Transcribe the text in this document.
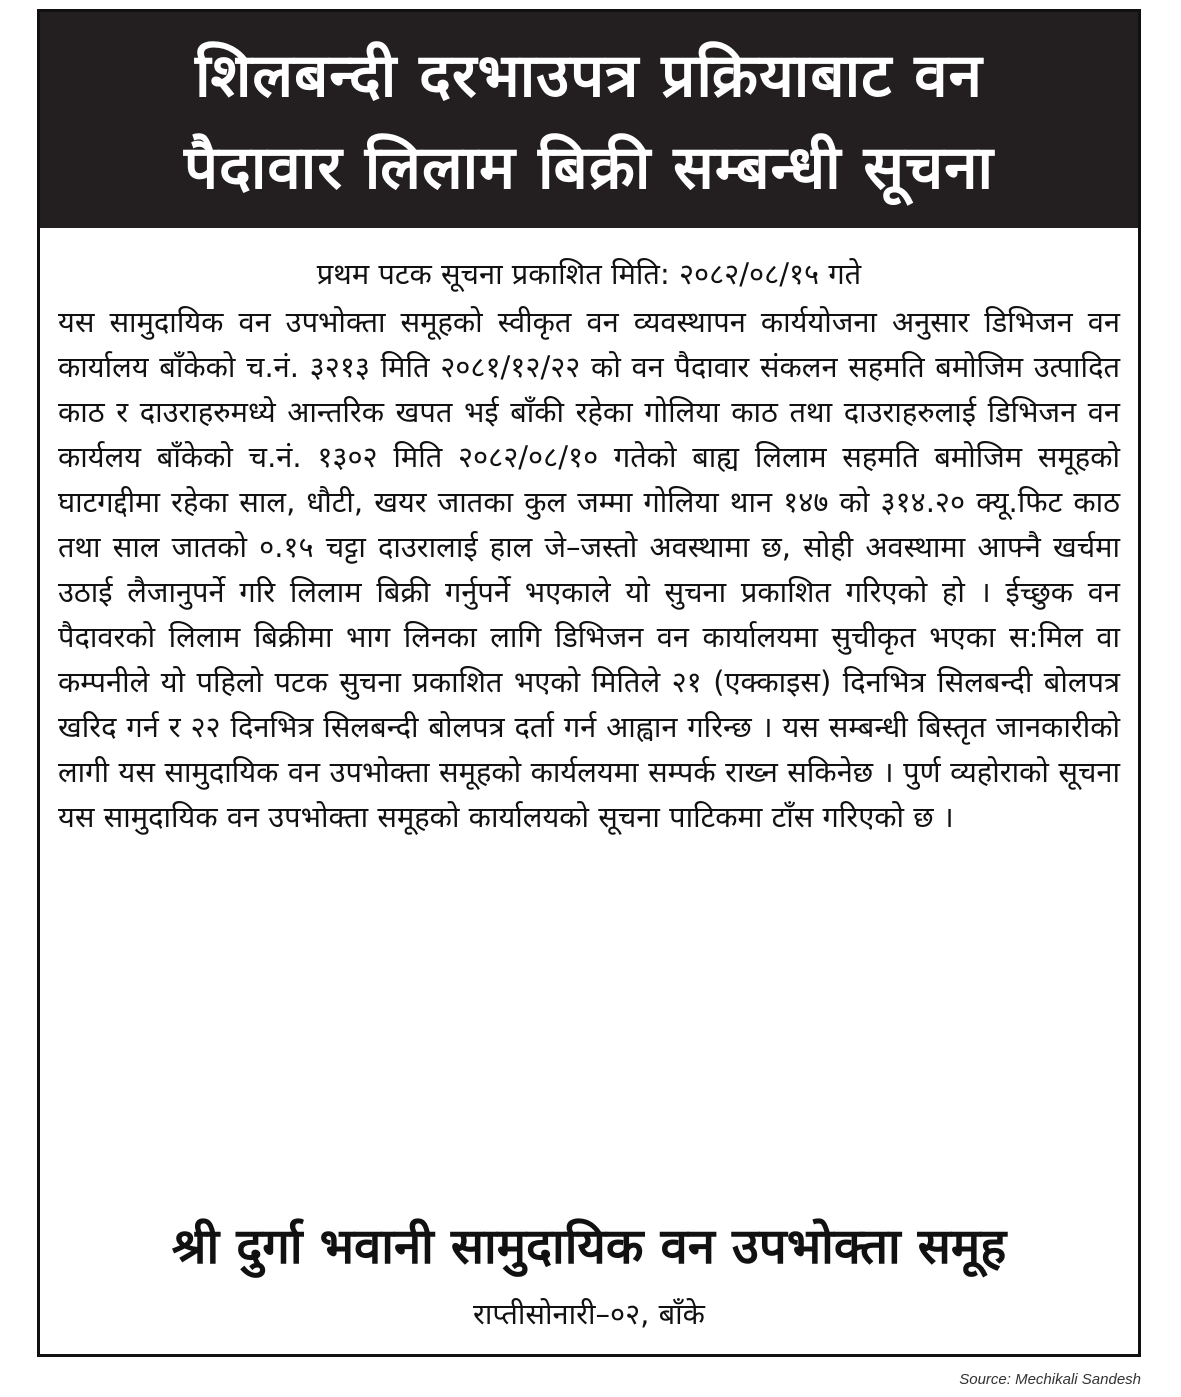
शिलबन्दी दरभाउपत्र प्रक्रियाबाट वन
पैदावार लिलाम बिक्री सम्बन्धी सूचना
प्रथम पटक सूचना प्रकाशित मिति: २०८२/०८/१५ गते
यस सामुदायिक वन उपभोक्ता समूहको स्वीकृत वन व्यवस्थापन कार्ययोजना अनुसार डिभिजन वन कार्यालय बाँकेको च.नं. ३२१३ मिति २०८१/१२/२२ को वन पैदावार संकलन सहमति बमोजिम उत्पादित काठ र दाउराहरुमध्ये आन्तरिक खपत भई बाँकी रहेका गोलिया काठ तथा दाउराहरुलाई डिभिजन वन कार्यलय बाँकेको च.नं. १३०२ मिति २०८२/०८/१० गतेको बाह्य लिलाम सहमति बमोजिम समूहको घाटगद्दीमा रहेका साल, धौटी, खयर जातका कुल जम्मा गोलिया थान १४७ को ३१४.२० क्यू.फिट काठ तथा साल जातको ०.१५ चट्टा दाउरालाई हाल जे–जस्तो अवस्थामा छ, सोही अवस्थामा आफ्नै खर्चमा उठाई लैजानुपर्ने गरि लिलाम बिक्री गर्नुपर्ने भएकाले यो सुचना प्रकाशित गरिएको हो । ईच्छुक वन पैदावरको लिलाम बिक्रीमा भाग लिनका लागि डिभिजन वन कार्यालयमा सुचीकृत भएका स:मिल वा कम्पनीले यो पहिलो पटक सुचना प्रकाशित भएको मितिले २१ (एक्काइस) दिनभित्र सिलबन्दी बोलपत्र खरिद गर्न र २२ दिनभित्र सिलबन्दी बोलपत्र दर्ता गर्न आह्वान गरिन्छ । यस सम्बन्धी बिस्तृत जानकारीको लागी यस सामुदायिक वन उपभोक्ता समूहको कार्यलयमा सम्पर्क राख्न सकिनेछ । पुर्ण व्यहोराको सूचना यस सामुदायिक वन उपभोक्ता समूहको कार्यालयको सूचना पाटिकमा टाँस गरिएको छ ।
श्री दुर्गा भवानी सामुदायिक वन उपभोक्ता समूह
राप्तीसोनारी–०२, बाँके
Source: Mechikali Sandesh
